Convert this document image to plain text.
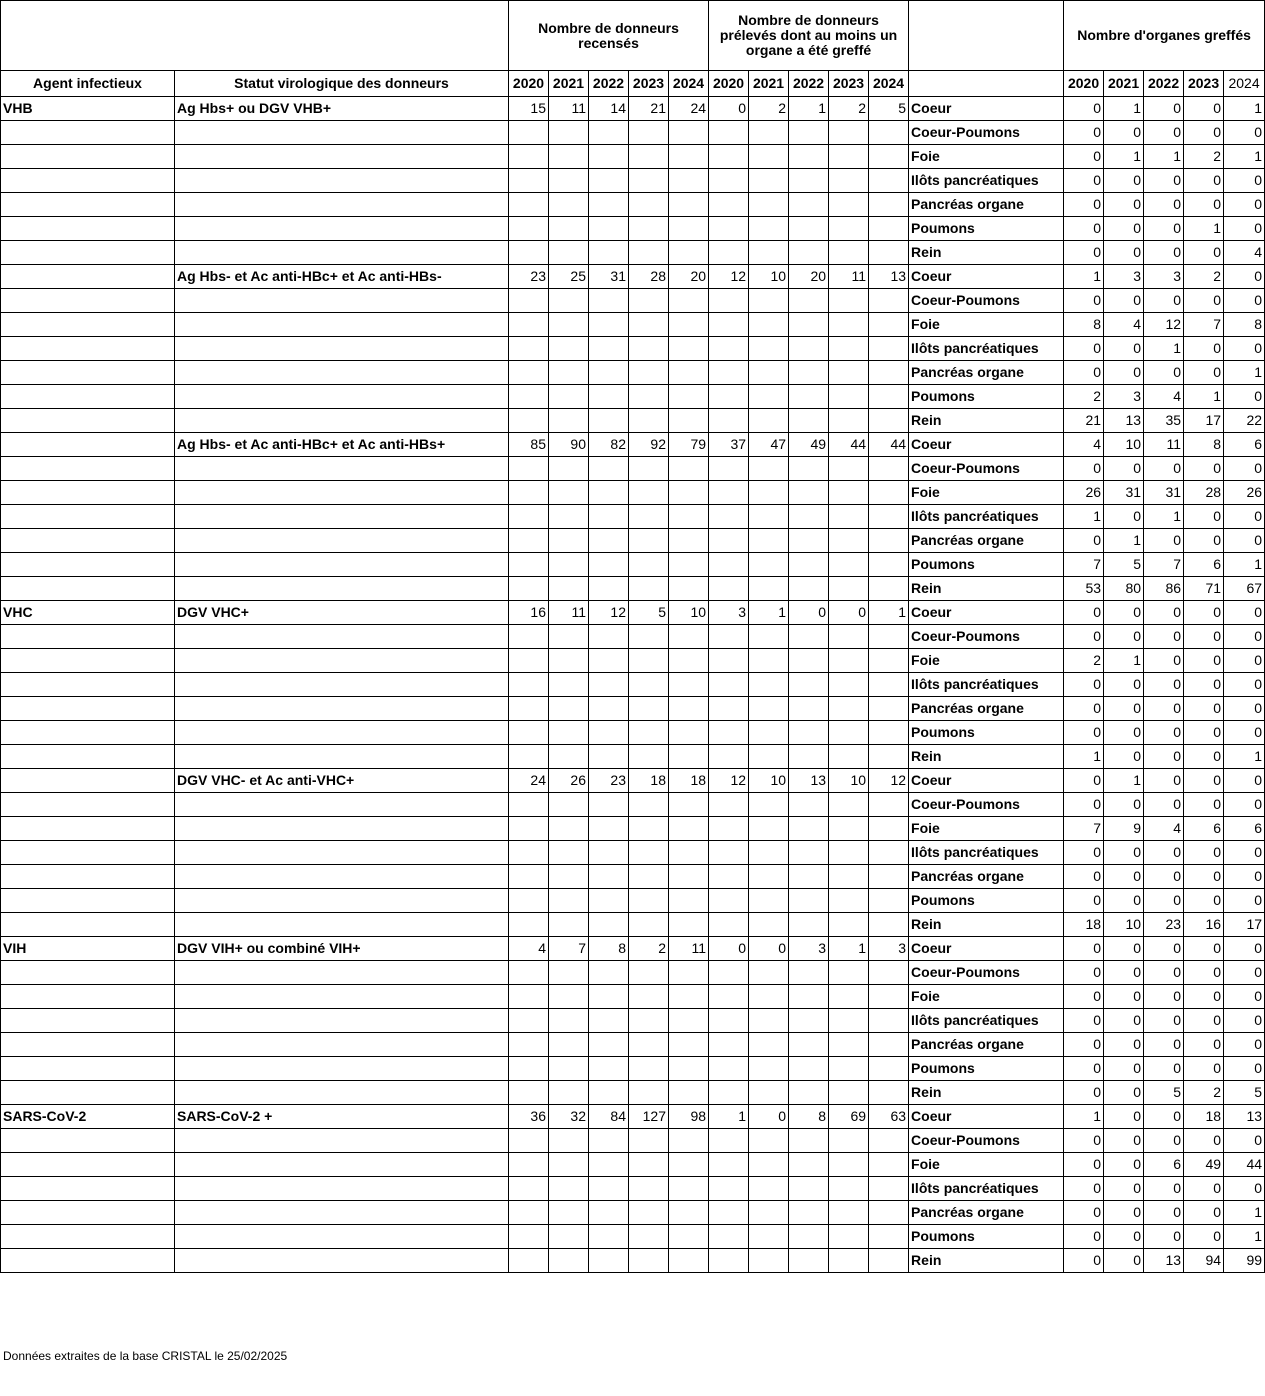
		Nombre de donneurs recensés					Nombre de donneurs prélevés dont au moins un organe a été greffé						Nombre d'organes greffés				
Agent infectieux	Statut virologique des donneurs	2020	2021	2022	2023	2024	2020	2021	2022	2023	2024		2020	2021	2022	2023	2024
VHB	Ag Hbs+ ou DGV VHB+	15	11	14	21	24	0	2	1	2	5	Coeur	0	1	0	0	1
												Coeur-Poumons	0	0	0	0	0
												Foie	0	1	1	2	1
												Ilôts pancréatiques	0	0	0	0	0
												Pancréas organe	0	0	0	0	0
												Poumons	0	0	0	1	0
												Rein	0	0	0	0	4
	Ag Hbs- et Ac anti-HBc+ et Ac anti-HBs-	23	25	31	28	20	12	10	20	11	13	Coeur	1	3	3	2	0
												Coeur-Poumons	0	0	0	0	0
												Foie	8	4	12	7	8
												Ilôts pancréatiques	0	0	1	0	0
												Pancréas organe	0	0	0	0	1
												Poumons	2	3	4	1	0
												Rein	21	13	35	17	22
	Ag Hbs- et Ac anti-HBc+ et Ac anti-HBs+	85	90	82	92	79	37	47	49	44	44	Coeur	4	10	11	8	6
												Coeur-Poumons	0	0	0	0	0
												Foie	26	31	31	28	26
												Ilôts pancréatiques	1	0	1	0	0
												Pancréas organe	0	1	0	0	0
												Poumons	7	5	7	6	1
												Rein	53	80	86	71	67
VHC	DGV VHC+	16	11	12	5	10	3	1	0	0	1	Coeur	0	0	0	0	0
												Coeur-Poumons	0	0	0	0	0
												Foie	2	1	0	0	0
												Ilôts pancréatiques	0	0	0	0	0
												Pancréas organe	0	0	0	0	0
												Poumons	0	0	0	0	0
												Rein	1	0	0	0	1
	DGV VHC- et Ac anti-VHC+	24	26	23	18	18	12	10	13	10	12	Coeur	0	1	0	0	0
												Coeur-Poumons	0	0	0	0	0
												Foie	7	9	4	6	6
												Ilôts pancréatiques	0	0	0	0	0
												Pancréas organe	0	0	0	0	0
												Poumons	0	0	0	0	0
												Rein	18	10	23	16	17
VIH	DGV VIH+ ou combiné VIH+	4	7	8	2	11	0	0	3	1	3	Coeur	0	0	0	0	0
												Coeur-Poumons	0	0	0	0	0
												Foie	0	0	0	0	0
												Ilôts pancréatiques	0	0	0	0	0
												Pancréas organe	0	0	0	0	0
												Poumons	0	0	0	0	0
												Rein	0	0	5	2	5
SARS-CoV-2	SARS-CoV-2 +	36	32	84	127	98	1	0	8	69	63	Coeur	1	0	0	18	13
												Coeur-Poumons	0	0	0	0	0
												Foie	0	0	6	49	44
												Ilôts pancréatiques	0	0	0	0	0
												Pancréas organe	0	0	0	0	1
												Poumons	0	0	0	0	1
												Rein	0	0	13	94	99
Données extraites de la base CRISTAL le 25/02/2025
